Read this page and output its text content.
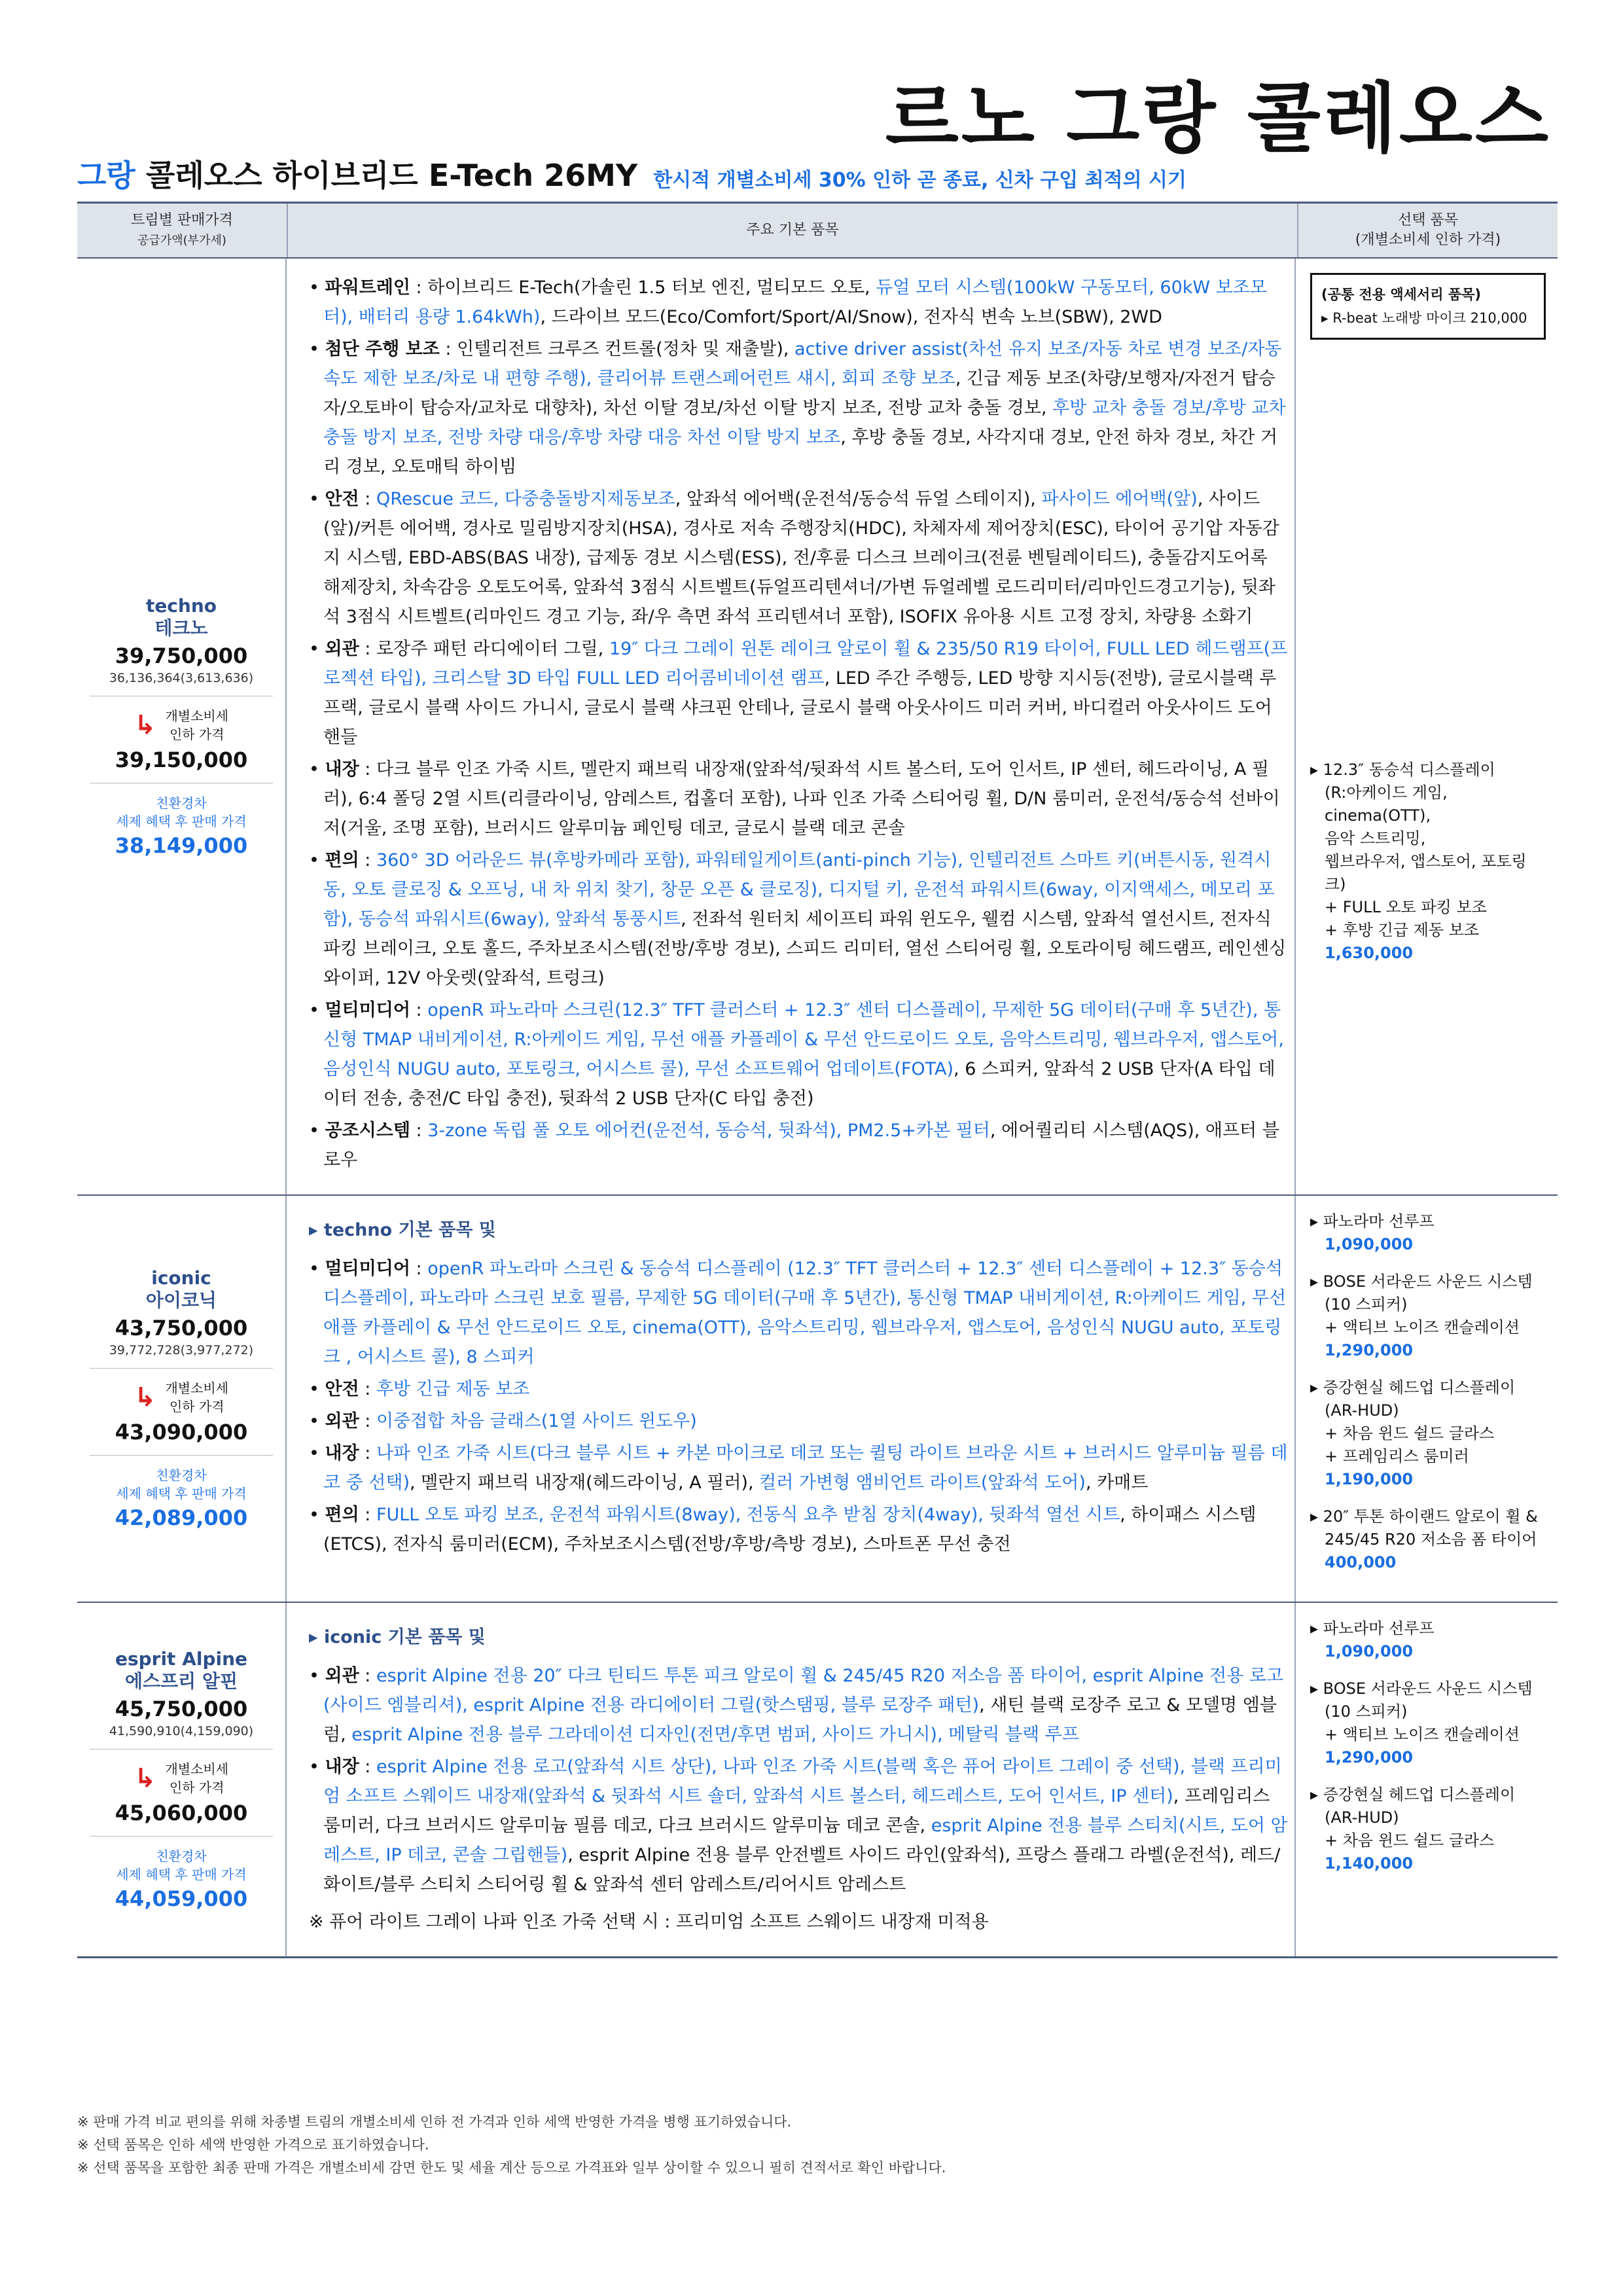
르노 그랑 콜레오스
그랑 콜레오스 하이브리드 E-Tech 26MY 한시적 개별소비세 30% 인하 곧 종료, 신차 구입 최적의 시기
트림별 판매가격
공급가액(부가세)
주요 기본 품목
선택 품목
(개별소비세 인하 가격)
techno
테크노
39,750,000
36,136,364(3,613,636)
↳ 개별소비세
인하 가격
39,150,000
친환경차
세제 혜택 후 판매 가격
38,149,000

• 파워트레인 : 하이브리드 E-Tech(가솔린 1.5 터보 엔진, 멀티모드 오토, 듀얼 모터 시스템(100kW 구동모터, 60kW 보조모터), 배터리 용량 1.64kWh), 드라이브 모드(Eco/Comfort/Sport/AI/Snow), 전자식 변속 노브(SBW), 2WD

• 첨단 주행 보조 : 인텔리전트 크루즈 컨트롤(정차 및 재출발), active driver assist(차선 유지 보조/자동 차로 변경 보조/자동 속도 제한 보조/차로 내 편향 주행), 클리어뷰 트랜스페어런트 섀시, 회피 조향 보조, 긴급 제동 보조(차량/보행자/자전거 탑승자/오토바이 탑승자/교차로 대향차), 차선 이탈 경보/차선 이탈 방지 보조, 전방 교차 충돌 경보, 후방 교차 충돌 경보/후방 교차 충돌 방지 보조, 전방 차량 대응/후방 차량 대응 차선 이탈 방지 보조, 후방 충돌 경보, 사각지대 경보, 안전 하차 경보, 차간 거리 경보, 오토매틱 하이빔

• 안전 : QRescue 코드, 다중충돌방지제동보조, 앞좌석 에어백(운전석/동승석 듀얼 스테이지), 파사이드 에어백(앞), 사이드(앞)/커튼 에어백, 경사로 밀림방지장치(HSA), 경사로 저속 주행장치(HDC), 차체자세 제어장치(ESC), 타이어 공기압 자동감지 시스템, EBD-ABS(BAS 내장), 급제동 경보 시스템(ESS), 전/후륜 디스크 브레이크(전륜 벤틸레이티드), 충돌감지도어록 해제장치, 차속감응 오토도어록, 앞좌석 3점식 시트벨트(듀얼프리텐셔너/가변 듀얼레벨 로드리미터/리마인드경고기능), 뒷좌석 3점식 시트벨트(리마인드 경고 기능, 좌/우 측면 좌석 프리텐셔너 포함), ISOFIX 유아용 시트 고정 장치, 차량용 소화기

• 외관 : 로장주 패턴 라디에이터 그릴, 19″ 다크 그레이 윈톤 레이크 알로이 휠 & 235/50 R19 타이어, FULL LED 헤드램프(프로젝션 타입), 크리스탈 3D 타입 FULL LED 리어콤비네이션 램프, LED 주간 주행등, LED 방향 지시등(전방), 글로시블랙 루프랙, 글로시 블랙 사이드 가니시, 글로시 블랙 샤크핀 안테나, 글로시 블랙 아웃사이드 미러 커버, 바디컬러 아웃사이드 도어 핸들

• 내장 : 다크 블루 인조 가죽 시트, 멜란지 패브릭 내장재(앞좌석/뒷좌석 시트 볼스터, 도어 인서트, IP 센터, 헤드라이닝, A 필러), 6:4 폴딩 2열 시트(리클라이닝, 암레스트, 컵홀더 포함), 나파 인조 가죽 스티어링 휠, D/N 룸미러, 운전석/동승석 선바이저(거울, 조명 포함), 브러시드 알루미늄 페인팅 데코, 글로시 블랙 데코 콘솔

• 편의 : 360° 3D 어라운드 뷰(후방카메라 포함), 파워테일게이트(anti-pinch 기능), 인텔리전트 스마트 키(버튼시동, 원격시동, 오토 클로징 & 오프닝, 내 차 위치 찾기, 창문 오픈 & 클로징), 디지털 키, 운전석 파워시트(6way, 이지액세스, 메모리 포함), 동승석 파워시트(6way), 앞좌석 통풍시트, 전좌석 원터치 세이프티 파워 윈도우, 웰컴 시스템, 앞좌석 열선시트, 전자식 파킹 브레이크, 오토 홀드, 주차보조시스템(전방/후방 경보), 스피드 리미터, 열선 스티어링 휠, 오토라이팅 헤드램프, 레인센싱 와이퍼, 12V 아웃렛(앞좌석, 트렁크)

• 멀티미디어 : openR 파노라마 스크린(12.3″ TFT 클러스터 + 12.3″ 센터 디스플레이, 무제한 5G 데이터(구매 후 5년간), 통신형 TMAP 내비게이션, R:아케이드 게임, 무선 애플 카플레이 & 무선 안드로이드 오토, 음악스트리밍, 웹브라우저, 앱스토어, 음성인식 NUGU auto, 포토링크, 어시스트 콜), 무선 소프트웨어 업데이트(FOTA), 6 스피커, 앞좌석 2 USB 단자(A 타입 데이터 전송, 충전/C 타입 충전), 뒷좌석 2 USB 단자(C 타입 충전)

• 공조시스템 : 3-zone 독립 풀 오토 에어컨(운전석, 동승석, 뒷좌석), PM2.5+카본 필터, 에어퀄리티 시스템(AQS), 애프터 블로우

(공통 전용 액세서리 품목)
▸ R-beat 노래방 마이크 210,000
▸ 12.3″ 동승석 디스플레이
(R:아케이드 게임,
cinema(OTT),
음악 스트리밍,
웹브라우저, 앱스토어, 포토링크)
+ FULL 오토 파킹 보조
+ 후방 긴급 제동 보조
1,630,000
iconic
아이코닉
43,750,000
39,772,728(3,977,272)
↳ 개별소비세
인하 가격
43,090,000
친환경차
세제 혜택 후 판매 가격
42,089,000
▸ techno 기본 품목 및

• 멀티미디어 : openR 파노라마 스크린 & 동승석 디스플레이 (12.3″ TFT 클러스터 + 12.3″ 센터 디스플레이 + 12.3″ 동승석 디스플레이, 파노라마 스크린 보호 필름, 무제한 5G 데이터(구매 후 5년간), 통신형 TMAP 내비게이션, R:아케이드 게임, 무선 애플 카플레이 & 무선 안드로이드 오토, cinema(OTT), 음악스트리밍, 웹브라우저, 앱스토어, 음성인식 NUGU auto, 포토링크 , 어시스트 콜), 8 스피커

• 안전 : 후방 긴급 제동 보조

• 외관 : 이중접합 차음 글래스(1열 사이드 윈도우)

• 내장 : 나파 인조 가죽 시트(다크 블루 시트 + 카본 마이크로 데코 또는 퀼팅 라이트 브라운 시트 + 브러시드 알루미늄 필름 데코 중 선택), 멜란지 패브릭 내장재(헤드라이닝, A 필러), 컬러 가변형 앰비언트 라이트(앞좌석 도어), 카매트

• 편의 : FULL 오토 파킹 보조, 운전석 파워시트(8way), 전동식 요추 받침 장치(4way), 뒷좌석 열선 시트, 하이패스 시스템(ETCS), 전자식 룸미러(ECM), 주차보조시스템(전방/후방/측방 경보), 스마트폰 무선 충전

▸ 파노라마 선루프
1,090,000
▸ BOSE 서라운드 사운드 시스템
(10 스피커)
+ 액티브 노이즈 캔슬레이션
1,290,000
▸ 증강현실 헤드업 디스플레이
(AR-HUD)
+ 차음 윈드 쉴드 글라스
+ 프레임리스 룸미러
1,190,000
▸ 20″ 투톤 하이랜드 알로이 휠 &
245/45 R20 저소음 폼 타이어
400,000
esprit Alpine
에스프리 알핀
45,750,000
41,590,910(4,159,090)
↳ 개별소비세
인하 가격
45,060,000
친환경차
세제 혜택 후 판매 가격
44,059,000
▸ iconic 기본 품목 및

• 외관 : esprit Alpine 전용 20″ 다크 틴티드 투톤 피크 알로이 휠 & 245/45 R20 저소음 폼 타이어, esprit Alpine 전용 로고(사이드 엠블리셔), esprit Alpine 전용 라디에이터 그릴(핫스탬핑, 블루 로장주 패턴), 새틴 블랙 로장주 로고 & 모델명 엠블럼, esprit Alpine 전용 블루 그라데이션 디자인(전면/후면 범퍼, 사이드 가니시), 메탈릭 블랙 루프

• 내장 : esprit Alpine 전용 로고(앞좌석 시트 상단), 나파 인조 가죽 시트(블랙 혹은 퓨어 라이트 그레이 중 선택), 블랙 프리미엄 소프트 스웨이드 내장재(앞좌석 & 뒷좌석 시트 숄더, 앞좌석 시트 볼스터, 헤드레스트, 도어 인서트, IP 센터), 프레임리스 룸미러, 다크 브러시드 알루미늄 필름 데코, 다크 브러시드 알루미늄 데코 콘솔, esprit Alpine 전용 블루 스티치(시트, 도어 암레스트, IP 데코, 콘솔 그립핸들), esprit Alpine 전용 블루 안전벨트 사이드 라인(앞좌석), 프랑스 플래그 라벨(운전석), 레드/화이트/블루 스티치 스티어링 휠 & 앞좌석 센터 암레스트/리어시트 암레스트

※ 퓨어 라이트 그레이 나파 인조 가죽 선택 시 : 프리미엄 소프트 스웨이드 내장재 미적용

▸ 파노라마 선루프
1,090,000
▸ BOSE 서라운드 사운드 시스템
(10 스피커)
+ 액티브 노이즈 캔슬레이션
1,290,000
▸ 증강현실 헤드업 디스플레이
(AR-HUD)
+ 차음 윈드 쉴드 글라스
1,140,000
※ 판매 가격 비교 편의를 위해 차종별 트림의 개별소비세 인하 전 가격과 인하 세액 반영한 가격을 병행 표기하였습니다.
※ 선택 품목은 인하 세액 반영한 가격으로 표기하였습니다.
※ 선택 품목을 포함한 최종 판매 가격은 개별소비세 감면 한도 및 세율 계산 등으로 가격표와 일부 상이할 수 있으니 필히 견적서로 확인 바랍니다.
